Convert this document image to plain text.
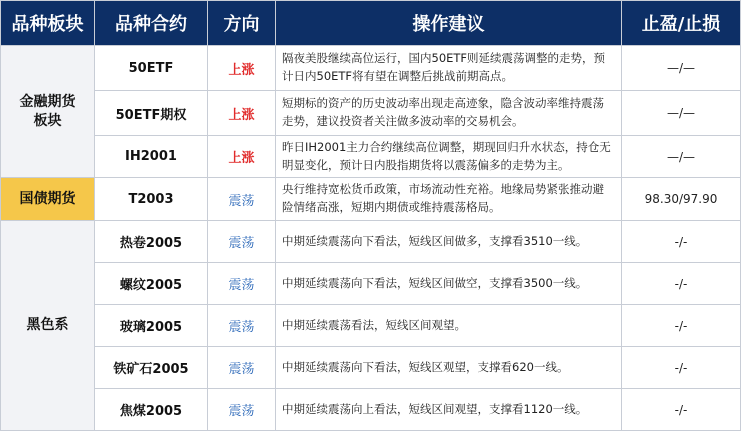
品种板块	品种合约	方向	操作建议	止盈/止损

金融期货
板块	50ETF	上涨	隔夜美股继续高位运行，国内50ETF则延续震荡调整的走势，预计日内50ETF将有望在调整后挑战前期高点。	—/—
	50ETF期权	上涨	短期标的资产的历史波动率出现走高迹象，隐含波动率维持震荡走势，建议投资者关注做多波动率的交易机会。	—/—
	IH2001	上涨	昨日IH2001主力合约继续高位调整，期现回归升水状态，持仓无明显变化，预计日内股指期货将以震荡偏多的走势为主。	—/—
国债期货	T2003	震荡	央行维持宽松货币政策，市场流动性充裕。地缘局势紧张推动避险情绪高涨，短期内期债或维持震荡格局。	98.30/97.90
黑色系	热卷2005	震荡	中期延续震荡向下看法，短线区间做多，支撑看3510一线。	-/-
	螺纹2005	震荡	中期延续震荡向下看法，短线区间做空，支撑看3500一线。	-/-
	玻璃2005	震荡	中期延续震荡看法，短线区间观望。	-/-
	铁矿石2005	震荡	中期延续震荡向下看法，短线区观望，支撑看620一线。	-/-
	焦煤2005	震荡	中期延续震荡向上看法，短线区间观望，支撑看1120一线。	-/-
